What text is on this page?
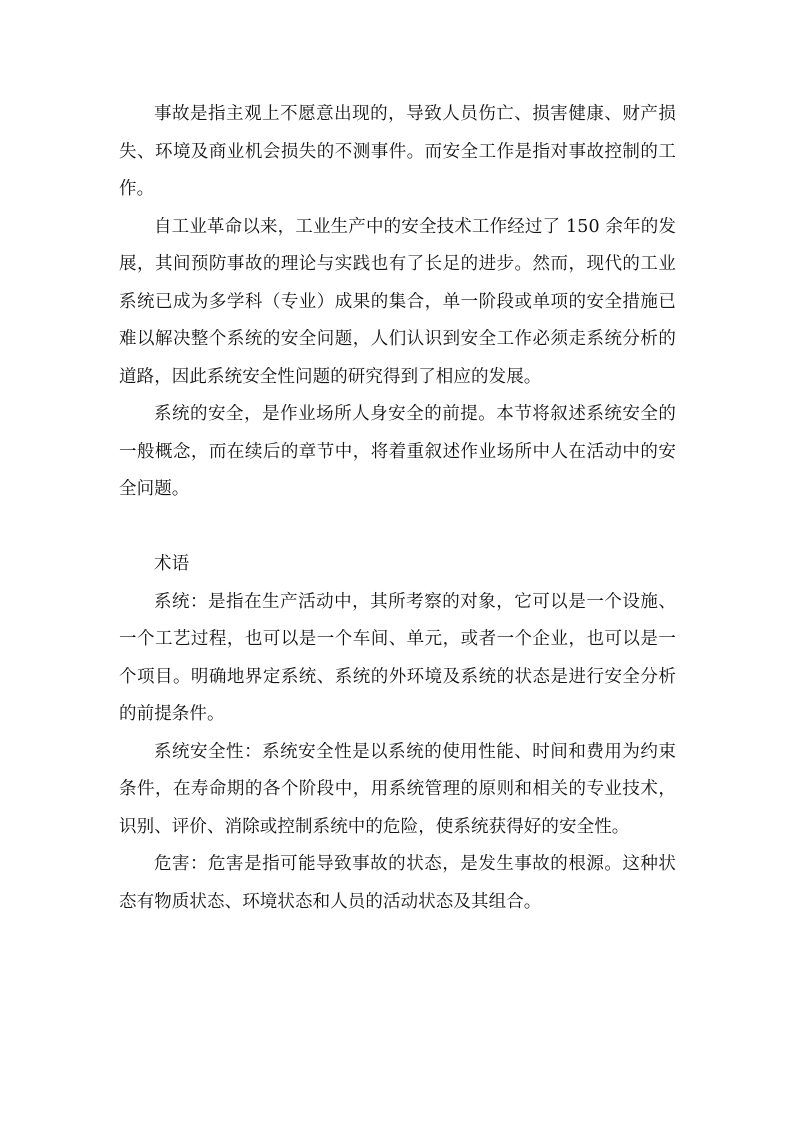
事故是指主观上不愿意出现的，导致人员伤亡、损害健康、财产损失、环境及商业机会损失的不测事件。而安全工作是指对事故控制的工作。

自工业革命以来，工业生产中的安全技术工作经过了 150 余年的发展，其间预防事故的理论与实践也有了长足的进步。然而，现代的工业系统已成为多学科（专业）成果的集合，单一阶段或单项的安全措施已难以解决整个系统的安全问题，人们认识到安全工作必须走系统分析的道路，因此系统安全性问题的研究得到了相应的发展。

系统的安全，是作业场所人身安全的前提。本节将叙述系统安全的一般概念，而在续后的章节中，将着重叙述作业场所中人在活动中的安全问题。

术语

系统：是指在生产活动中，其所考察的对象，它可以是一个设施、一个工艺过程，也可以是一个车间、单元，或者一个企业，也可以是一个项目。明确地界定系统、系统的外环境及系统的状态是进行安全分析的前提条件。

系统安全性：系统安全性是以系统的使用性能、时间和费用为约束条件，在寿命期的各个阶段中，用系统管理的原则和相关的专业技术，识别、评价、消除或控制系统中的危险，使系统获得好的安全性。

危害：危害是指可能导致事故的状态，是发生事故的根源。这种状态有物质状态、环境状态和人员的活动状态及其组合。
